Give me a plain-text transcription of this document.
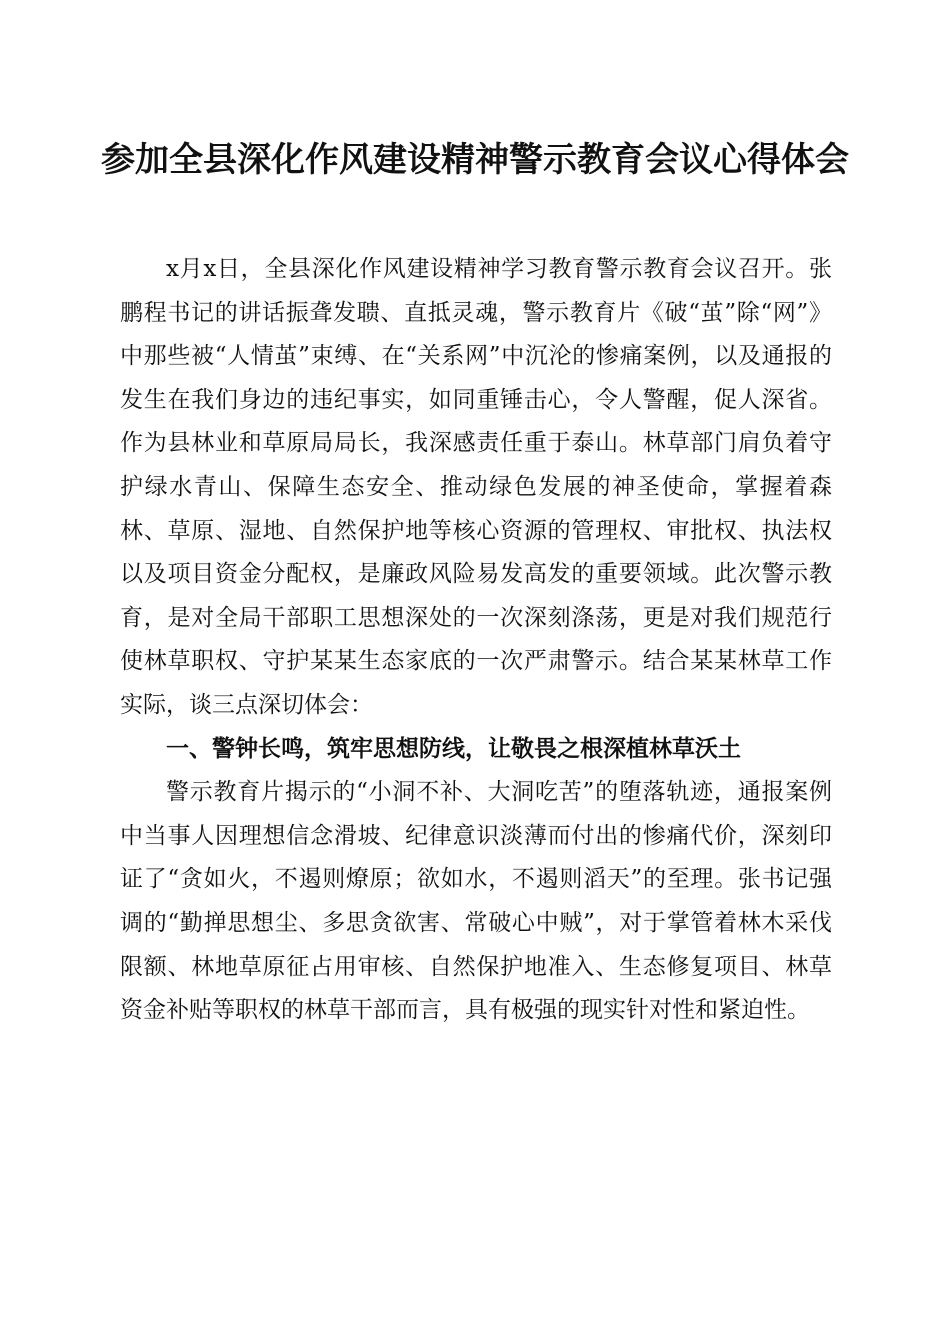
参加全县深化作风建设精神警示教育会议心得体会

x月x日，全县深化作风建设精神学习教育警示教育会议召开。张鹏程书记的讲话振聋发聩、直抵灵魂，警示教育片《破“茧”除“网”》中那些被“人情茧”束缚、在“关系网”中沉沦的惨痛案例，以及通报的发生在我们身边的违纪事实，如同重锤击心，令人警醒，促人深省。作为县林业和草原局局长，我深感责任重于泰山。林草部门肩负着守护绿水青山、保障生态安全、推动绿色发展的神圣使命，掌握着森林、草原、湿地、自然保护地等核心资源的管理权、审批权、执法权以及项目资金分配权，是廉政风险易发高发的重要领域。此次警示教育，是对全局干部职工思想深处的一次深刻涤荡，更是对我们规范行使林草职权、守护某某生态家底的一次严肃警示。结合某某林草工作实际，谈三点深切体会：

一、警钟长鸣，筑牢思想防线，让敬畏之根深植林草沃土

警示教育片揭示的“小洞不补、大洞吃苦”的堕落轨迹，通报案例中当事人因理想信念滑坡、纪律意识淡薄而付出的惨痛代价，深刻印证了“贪如火，不遏则燎原；欲如水，不遏则滔天”的至理。张书记强调的“勤掸思想尘、多思贪欲害、常破心中贼”，对于掌管着林木采伐限额、林地草原征占用审核、自然保护地准入、生态修复项目、林草资金补贴等职权的林草干部而言，具有极强的现实针对性和紧迫性。
